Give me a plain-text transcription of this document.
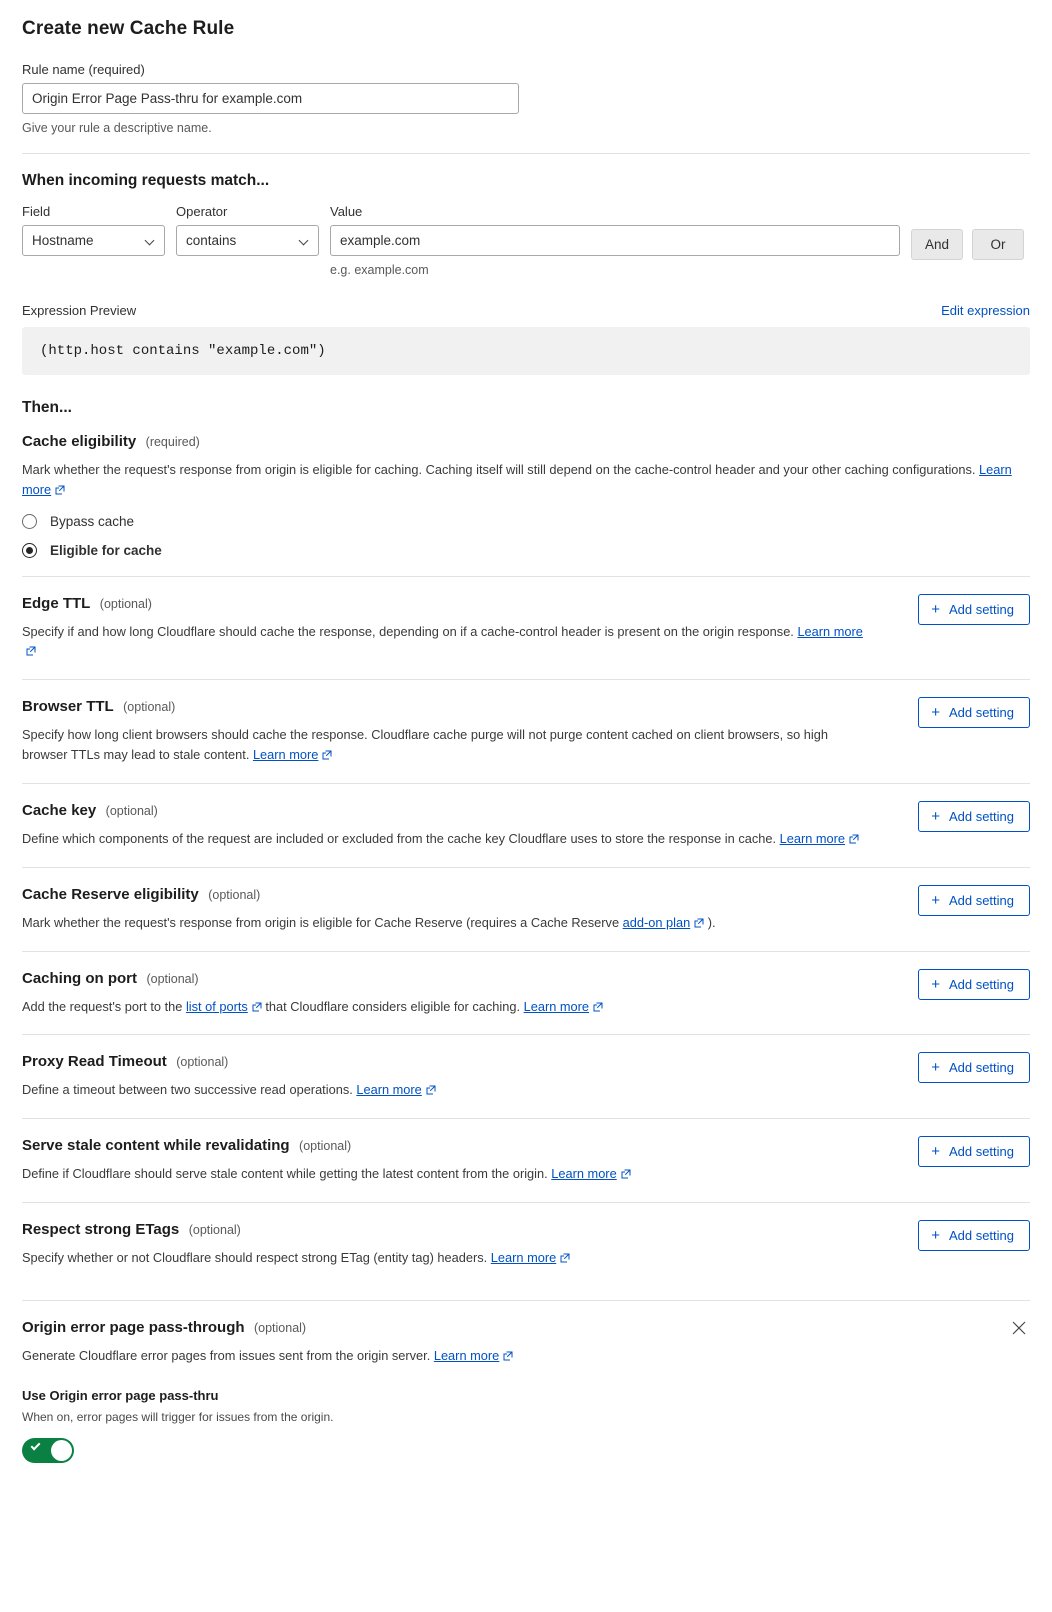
Create new Cache Rule
Rule name (required)
Origin Error Page Pass-thru for example.com
Give your rule a descriptive name.
When incoming requests match...
Field
Hostname
Operator
contains
Value
example.com
e.g. example.com
And	Or
Expression Preview	Edit expression
(http.host contains "example.com")
Then...
Cache eligibility (required)
Mark whether the request's response from origin is eligible for caching. Caching itself will still depend on the cache-control header and your other caching configurations. Learn more
Bypass cache
Eligible for cache
Edge TTL (optional)
Specify if and how long Cloudflare should cache the response, depending on if a cache-control header is present on the origin response. Learn more
+ Add setting
Browser TTL (optional)
Specify how long client browsers should cache the response. Cloudflare cache purge will not purge content cached on client browsers, so high browser TTLs may lead to stale content. Learn more
+ Add setting
Cache key (optional)
Define which components of the request are included or excluded from the cache key Cloudflare uses to store the response in cache. Learn more
+ Add setting
Cache Reserve eligibility (optional)
Mark whether the request's response from origin is eligible for Cache Reserve (requires a Cache Reserve add-on plan ).
+ Add setting
Caching on port (optional)
Add the request's port to the list of ports that Cloudflare considers eligible for caching. Learn more
+ Add setting
Proxy Read Timeout (optional)
Define a timeout between two successive read operations. Learn more
+ Add setting
Serve stale content while revalidating (optional)
Define if Cloudflare should serve stale content while getting the latest content from the origin. Learn more
+ Add setting
Respect strong ETags (optional)
Specify whether or not Cloudflare should respect strong ETag (entity tag) headers. Learn more
+ Add setting
Origin error page pass-through (optional)
Generate Cloudflare error pages from issues sent from the origin server. Learn more
Use Origin error page pass-thru
When on, error pages will trigger for issues from the origin.
